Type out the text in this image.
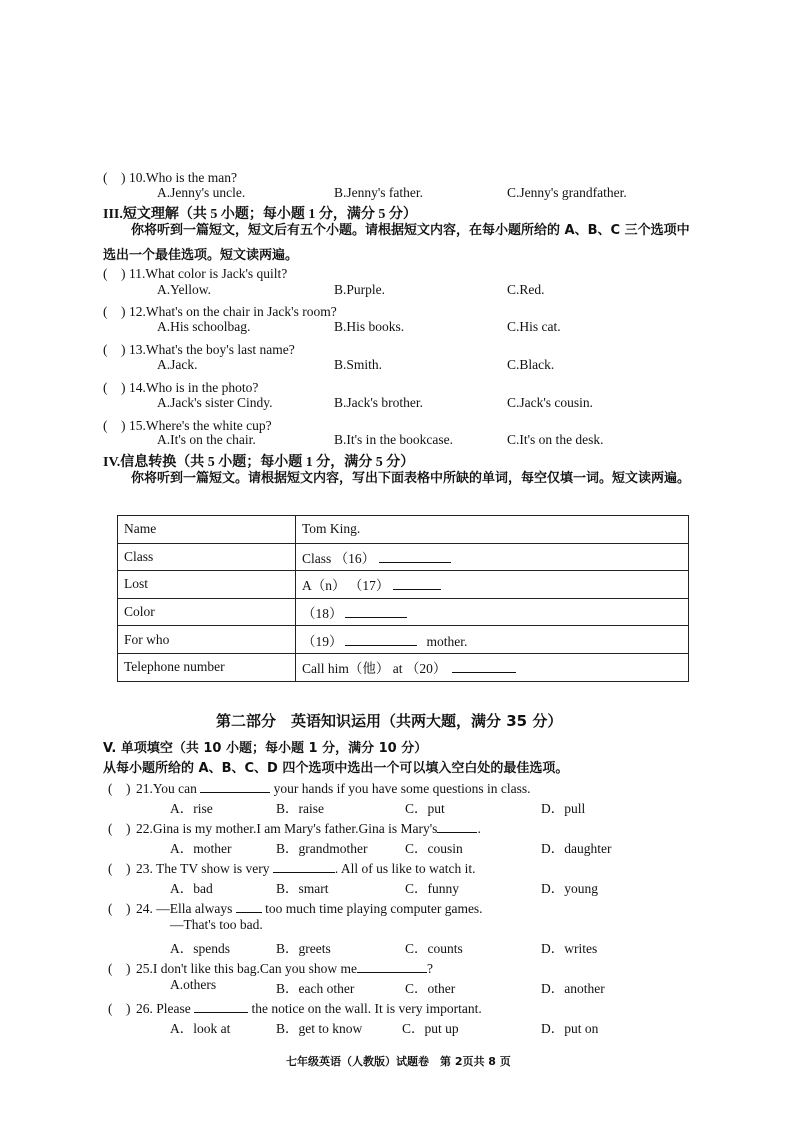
(　) 10.Who is the man?
A.Jenny's uncle.	B.Jenny's father.	C.Jenny's grandfather.
III.短文理解（共 5 小题；每小题 1 分，满分 5 分）
你将听到一篇短文，短文后有五个小题。请根据短文内容，在每小题所给的 A、B、C 三个选项中选出一个最佳选项。短文读两遍。
(　) 11.What color is Jack's quilt?
A.Yellow.	B.Purple.	C.Red.
(　) 12.What's on the chair in Jack's room?
A.His schoolbag.	B.His books.	C.His cat.
(　) 13.What's the boy's last name?
A.Jack.	B.Smith.	C.Black.
(　) 14.Who is in the photo?
A.Jack's sister Cindy.	B.Jack's brother.	C.Jack's cousin.
(　) 15.Where's the white cup?
A.It's on the chair.	B.It's in the bookcase.	C.It's on the desk.
IV.信息转换（共 5 小题；每小题 1 分，满分 5 分）
你将听到一篇短文。请根据短文内容，写出下面表格中所缺的单词，每空仅填一词。短文读两遍。
Name	Tom King.
Class	Class （16）
Lost	A（n） （17）
Color	（18）
For who	（19） mother.
Telephone number	Call him（他） at （20）
第二部分　英语知识运用（共两大题，满分 35 分）
V. 单项填空（共 10 小题；每小题 1 分，满分 10 分）
从每小题所给的 A、B、C、D 四个选项中选出一个可以填入空白处的最佳选项。
(　) 21.You can	your hands if you have some questions in class.
A．rise	B．raise	C．put	D．pull
(　) 22.Gina is my mother.I am Mary's father.Gina is Mary's	.
A．mother	B．grandmother	C．cousin	D．daughter
(　) 23. The TV show is very	. All of us like to watch it.
A．bad	B．smart	C．funny	D．young
(　) 24. —Ella always too much time playing computer games.
—That's too bad.
A．spends	B．greets	C．counts	D．writes
(　) 25.I don't like this bag.Can you show me	?
A.others	B．each other	C．other	D．another
(　) 26. Please	the notice on the wall. It is very important.
A．look at	B．get to know	C．put up	D．put on
七年级英语（人教版）试题卷　第 2页共 8 页
